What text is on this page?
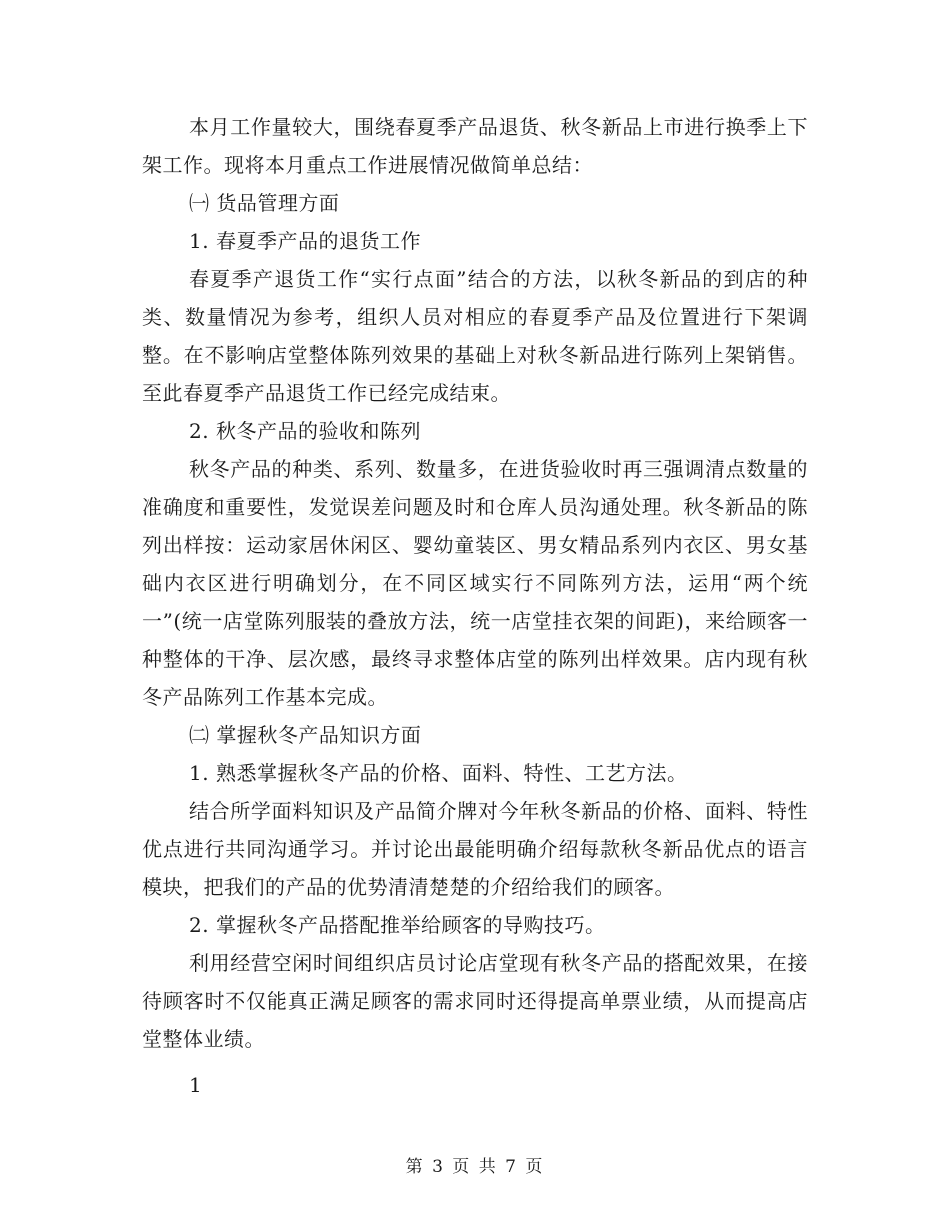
本月工作量较大，围绕春夏季产品退货、秋冬新品上市进行换季上下架工作。现将本月重点工作进展情况做简单总结：

㈠ 货品管理方面

1. 春夏季产品的退货工作

春夏季产退货工作“实行点面”结合的方法，以秋冬新品的到店的种类、数量情况为参考，组织人员对相应的春夏季产品及位置进行下架调整。在不影响店堂整体陈列效果的基础上对秋冬新品进行陈列上架销售。至此春夏季产品退货工作已经完成结束。

2. 秋冬产品的验收和陈列

秋冬产品的种类、系列、数量多，在进货验收时再三强调清点数量的准确度和重要性，发觉误差问题及时和仓库人员沟通处理。秋冬新品的陈列出样按：运动家居休闲区、婴幼童装区、男女精品系列内衣区、男女基础内衣区进行明确划分，在不同区域实行不同陈列方法，运用“两个统一”(统一店堂陈列服装的叠放方法，统一店堂挂衣架的间距)，来给顾客一种整体的干净、层次感，最终寻求整体店堂的陈列出样效果。店内现有秋冬产品陈列工作基本完成。

㈡ 掌握秋冬产品知识方面

1. 熟悉掌握秋冬产品的价格、面料、特性、工艺方法。

结合所学面料知识及产品简介牌对今年秋冬新品的价格、面料、特性优点进行共同沟通学习。并讨论出最能明确介绍每款秋冬新品优点的语言模块，把我们的产品的优势清清楚楚的介绍给我们的顾客。

2. 掌握秋冬产品搭配推举给顾客的导购技巧。

利用经营空闲时间组织店员讨论店堂现有秋冬产品的搭配效果，在接待顾客时不仅能真正满足顾客的需求同时还得提高单票业绩，从而提高店堂整体业绩。

1

第 3 页 共 7 页
